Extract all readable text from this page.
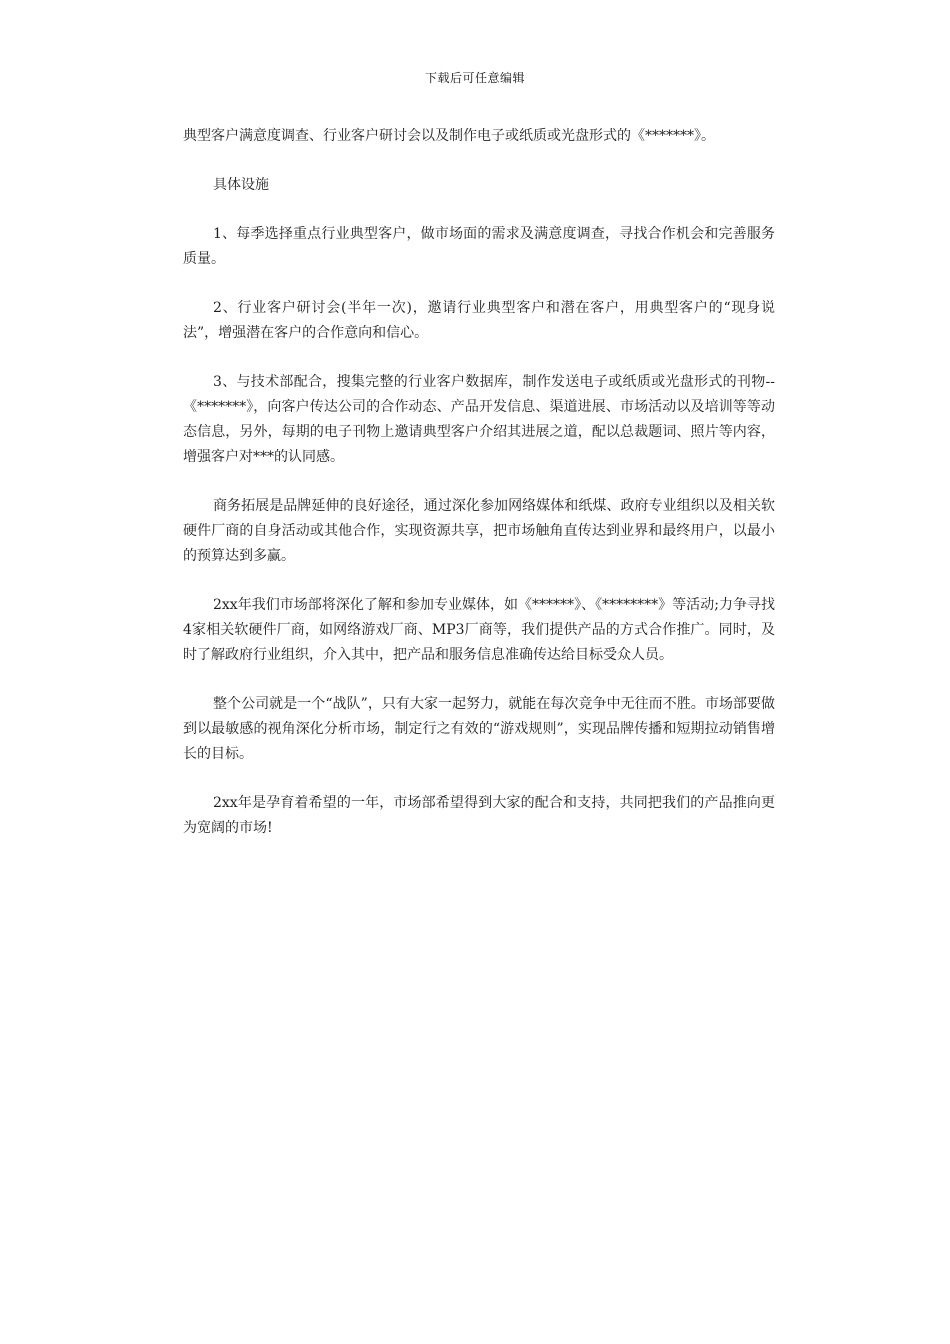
下载后可任意编辑

典型客户满意度调查、行业客户研讨会以及制作电子或纸质或光盘形式的《*******》。

具体设施

1、每季选择重点行业典型客户，做市场面的需求及满意度调查，寻找合作机会和完善服务质量。

2、行业客户研讨会(半年一次)，邀请行业典型客户和潜在客户，用典型客户的“现身说法”，增强潜在客户的合作意向和信心。

3、与技术部配合，搜集完整的行业客户数据库，制作发送电子或纸质或光盘形式的刊物--《*******》，向客户传达公司的合作动态、产品开发信息、渠道进展、市场活动以及培训等等动态信息，另外，每期的电子刊物上邀请典型客户介绍其进展之道，配以总裁题词、照片等内容，增强客户对***的认同感。

商务拓展是品牌延伸的良好途径，通过深化参加网络媒体和纸煤、政府专业组织以及相关软硬件厂商的自身活动或其他合作，实现资源共享，把市场触角直传达到业界和最终用户，以最小的预算达到多赢。

2xx年我们市场部将深化了解和参加专业媒体，如《******》、《********》等活动;力争寻找4家相关软硬件厂商，如网络游戏厂商、MP3厂商等，我们提供产品的方式合作推广。同时，及时了解政府行业组织，介入其中，把产品和服务信息准确传达给目标受众人员。

整个公司就是一个“战队”，只有大家一起努力，就能在每次竞争中无往而不胜。市场部要做到以最敏感的视角深化分析市场，制定行之有效的“游戏规则”，实现品牌传播和短期拉动销售增长的目标。

2xx年是孕育着希望的一年，市场部希望得到大家的配合和支持，共同把我们的产品推向更为宽阔的市场!
